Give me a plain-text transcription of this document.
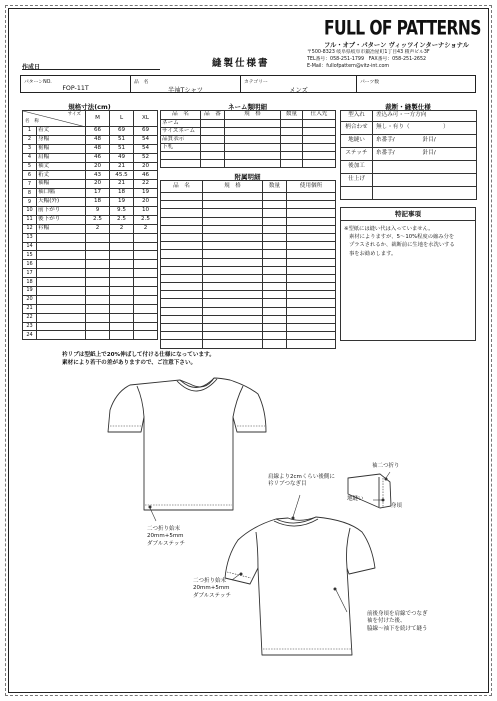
FULL OF PATTERNS
フル・オブ・パターン ヴィッツインターナショナル
〒500-8323 岐阜県岐阜市鍛冶屋町1丁目43 積声ビル3F
TEL番号：058-251-1799　FAX番号：058-251-2652
E-Mail：fullofpattern@vitz-int.com
縫製仕様書
作成日
パターンNO.
FOP-11T
品　名
半袖Tシャツ
カテゴリー
メンズ
パーツ数
規格寸法(cm)
サイズ
名　称		M	L	XL
1	着丈	66	69	69
2	身幅	48	51	54
3	裾幅	48	51	54
4	肩幅	46	49	52
5	袖丈	20	21	20
6	裄丈	43	45.5	46
7	袖幅	20	21	22
8	袖口幅	17	18	19
9	天幅(外)	18	19	20
10	前下がり	9	9.5	10
11	後下がり	2.5	2.5	2.5
12	衿幅	2	2	2
13				
14				
15				
16				
17				
18				
19				
20				
21				
22				
23				
24				
ネーム類明細
品　名	品　番	規　格	数量	仕入先
ネーム				
サイズネーム				
品質表示				
下札				

附属明細
品　名	規　格	数量	使用個所

裁断・縫製仕様
型入れ	差込み可・一方方向
柄合わせ	無し・有り（　　　　　　）
地縫い	糸番手/　　　　　針目/
ステッチ	糸番手/　　　　　針目/
後加工	
仕上げ	

特記事項
※型紙には縫い代は入っていません。
素材によりますが、5～10%程度の縮み分を
プラスされるか、裁断前に生地を水洗いする
事をお勧めします。
衿リブは型紙上で20%伸ばして付ける仕様になっています。
素材により若干の差がありますので、ご注意下さい。
肩線より2cmくらい後側に
衿リブつなぎ目
袖二つ折り
地縫い
身頃
二つ折り始末
20mm+5mm
ダブルステッチ
二つ折り始末
20mm+5mm
ダブルステッチ
前後身頃を肩線でつなぎ
袖を付けた後、
脇線～袖下を続けて縫う
